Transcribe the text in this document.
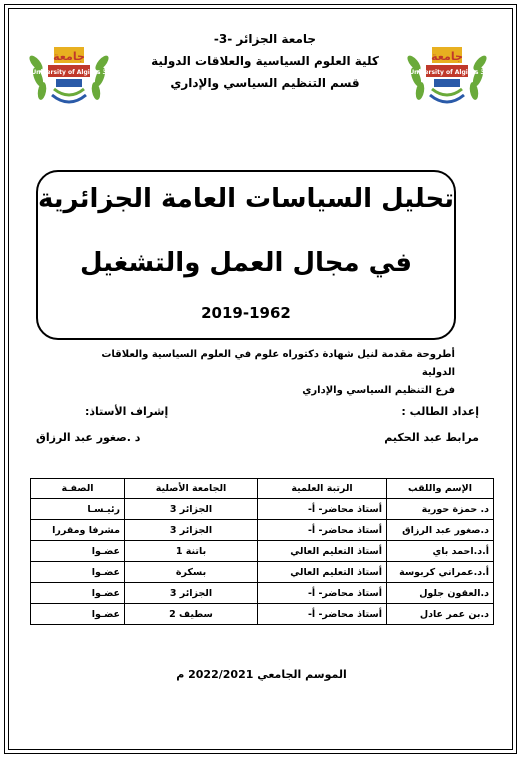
جامعة
University of Algiers 3
جامعة
University of Algiers 3
جامعة الجزائر -3-
كلية العلوم السياسية والعلاقات الدولية
قسم التنظيم السياسي والإداري
تحليل السياسات العامة الجزائرية
في مجال العمل والتشغيل
2019-1962
أطروحة مقدمة لنيل شهادة دكتوراه علوم في العلوم السياسية والعلاقات الدولية
فرع التنظيم السياسي والإداري
إعداد الطالب :
إشراف الأستاذ:
مرابط عبد الحكيم
د .صغور عبد الرزاق
الإسم واللقب	الرتبة العلمية	الجامعة الأصلية	الصفـة
د. حمزة حورية	أستاذ محاضر- أ-	الجزائر 3	رئيـسـا
د.صغور عبد الرزاق	أستاذ محاضر- أ-	الجزائر 3	مشرفا ومقررا
أ.د.احمد باي	أستاذ التعليم العالي	باتنة 1	عضـوا
أ.د.عمراني كربوسة	أستاذ التعليم العالي	بسكرة	عضـوا
د.العقون جلول	أستاذ محاضر- أ-	الجزائر 3	عضـوا
د.بن عمر عادل	أستاذ محاضر- أ-	سطيف 2	عضـوا
الموسم الجامعي 2022/2021 م
